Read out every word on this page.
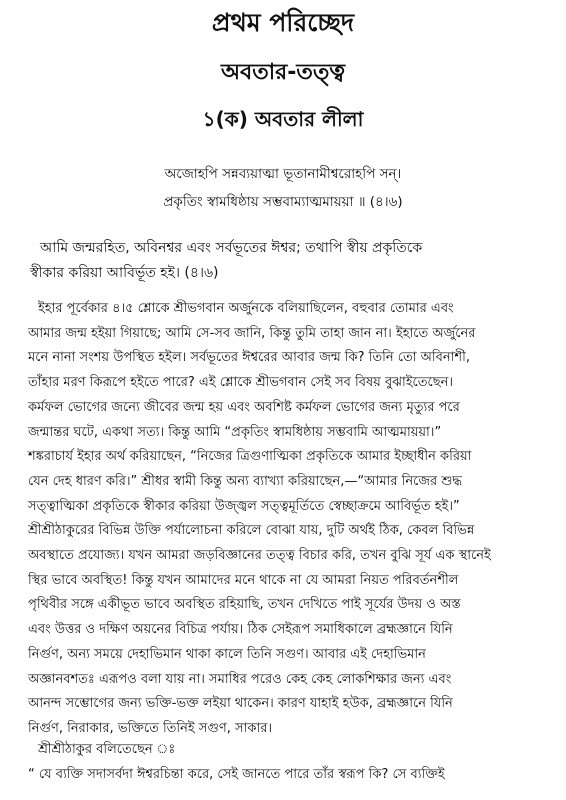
প্রথম পরিচ্ছেদ
অবতার-তত্ত্ব
১(ক) অবতার লীলা
অজোহপি সন্নব্যয়াত্মা ভূতানামীশ্বরোহপি সন্।
প্রকৃতিং স্বামধিষ্ঠায় সম্ভবাম্যাত্মমায়য়া ॥ (৪।৬)
আমি জন্মরহিত, অবিনশ্বর এবং সর্বভূতের ঈশ্বর; তথাপি স্বীয় প্রকৃতিকে
স্বীকার করিয়া আবির্ভূত হই। (৪।৬)
ইহার পূর্বেকার ৪।৫ শ্লোকে শ্রীভগবান অর্জুনকে বলিয়াছিলেন, বহুবার তোমার এবং
আমার জন্ম হইয়া গিয়াছে; আমি সে-সব জানি, কিন্তু তুমি তাহা জান না। ইহাতে অর্জুনের
মনে নানা সংশয় উপস্থিত হইল। সর্বভূতের ঈশ্বরের আবার জন্ম কি? তিনি তো অবিনাশী,
তাঁহার মরণ কিরূপে হইতে পারে? এই শ্লোকে শ্রীভগবান সেই সব বিষয় বুঝাইতেছেন।
কর্মফল ভোগের জন্যে জীবের জন্ম হয় এবং অবশিষ্ট কর্মফল ভোগের জন্য মৃত্যুর পরে
জন্মান্তর ঘটে, একথা সত্য। কিন্তু আমি “প্রকৃতিং স্বামধিষ্ঠায় সম্ভবামি আত্মমায়য়া।”
শঙ্করাচার্য ইহার অর্থ করিয়াছেন, “নিজের ত্রিগুণাত্মিকা প্রকৃতিকে আমার ইচ্ছাধীন করিয়া
যেন দেহ ধারণ করি।” শ্রীধর স্বামী কিন্তু অন্য ব্যাখ্যা করিয়াছেন,—“আমার নিজের শুদ্ধ
সত্ত্বাত্মিকা প্রকৃতিকে স্বীকার করিয়া উজ্জ্বল সত্ত্বমূর্তিতে স্বেচ্ছাক্রমে আবির্ভূত হই।”
শ্রীশ্রীঠাকুরের বিভিন্ন উক্তি পর্যালোচনা করিলে বোঝা যায়, দুটি অর্থই ঠিক, কেবল বিভিন্ন
অবস্থাতে প্রযোজ্য। যখন আমরা জড়বিজ্ঞানের তত্ত্ব বিচার করি, তখন বুঝি সূর্য এক স্থানেই
স্থির ভাবে অবস্থিত! কিন্তু যখন আমাদের মনে থাকে না যে আমরা নিয়ত পরিবর্তনশীল
পৃথিবীর সঙ্গে একীভূত ভাবে অবস্থিত রহিয়াছি, তখন দেখিতে পাই সূর্যের উদয় ও অস্ত
এবং উত্তর ও দক্ষিণ অয়নের বিচিত্র পর্যায়। ঠিক সেইরূপ সমাধিকালে ব্রহ্মজ্ঞানে যিনি
নির্গুণ, অন্য সময়ে দেহাভিমান থাকা কালে তিনি সগুণ। আবার এই দেহাভিমান
অজ্ঞানবশতঃ এরূপও বলা যায় না। সমাধির পরেও কেহ কেহ লোকশিক্ষার জন্য এবং
আনন্দ সম্ভোগের জন্য ভক্তি-ভক্ত লইয়া থাকেন। কারণ যাহাই হউক, ব্রহ্মজ্ঞানে যিনি
নির্গুণ, নিরাকার, ভক্তিতে তিনিই সগুণ, সাকার।
শ্রীশ্রীঠাকুর বলিতেছেন ঃ
“ যে ব্যক্তি সদাসর্বদা ঈশ্বরচিন্তা করে, সেই জানতে পারে তাঁর স্বরূপ কি? সে ব্যক্তিই
